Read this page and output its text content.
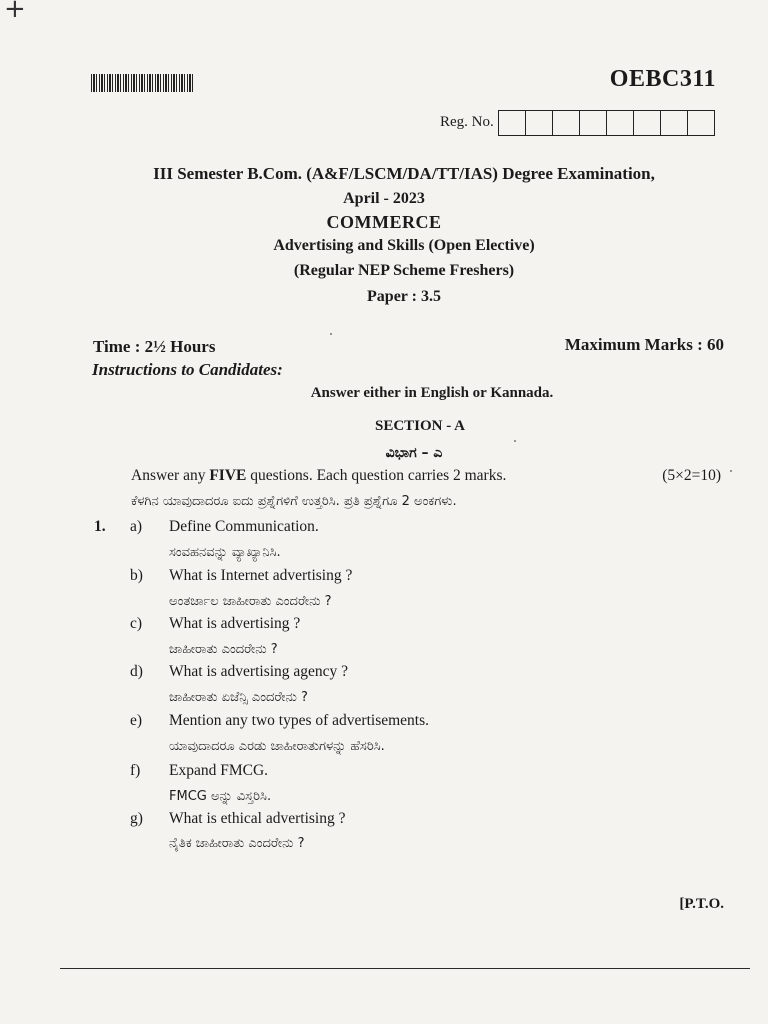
+
OEBC311
Reg. No.
III Semester B.Com. (A&F/LSCM/DA/TT/IAS) Degree Examination,
April - 2023
COMMERCE
Advertising and Skills (Open Elective)
(Regular NEP Scheme Freshers)
Paper : 3.5
Time : 2½ Hours	Maximum Marks : 60
Instructions to Candidates:
Answer either in English or Kannada.
SECTION - A
ವಿಭಾಗ – ಎ
Answer any FIVE questions. Each question carries 2 marks.	(5×2=10)
ಕೆಳಗಿನ ಯಾವುದಾದರೂ ಐದು ಪ್ರಶ್ನೆಗಳಿಗೆ ಉತ್ತರಿಸಿ. ಪ್ರತಿ ಪ್ರಶ್ನೆಗೂ 2 ಅಂಕಗಳು.
1. a) Define Communication.
ಸಂವಹನವನ್ನು ವ್ಯಾಖ್ಯಾನಿಸಿ.
b) What is Internet advertising ?
ಅಂತರ್ಜಾಲ ಜಾಹೀರಾತು ಎಂದರೇನು ?
c) What is advertising ?
ಜಾಹೀರಾತು ಎಂದರೇನು ?
d) What is advertising agency ?
ಜಾಹೀರಾತು ಏಜೆನ್ಸಿ ಎಂದರೇನು ?
e) Mention any two types of advertisements.
ಯಾವುದಾದರೂ ಎರಡು ಜಾಹೀರಾತುಗಳನ್ನು ಹೆಸರಿಸಿ.
f) Expand FMCG.
FMCG ಅನ್ನು ವಿಸ್ತರಿಸಿ.
g) What is ethical advertising ?
ನೈತಿಕ ಜಾಹೀರಾತು ಎಂದರೇನು ?
[P.T.O.
